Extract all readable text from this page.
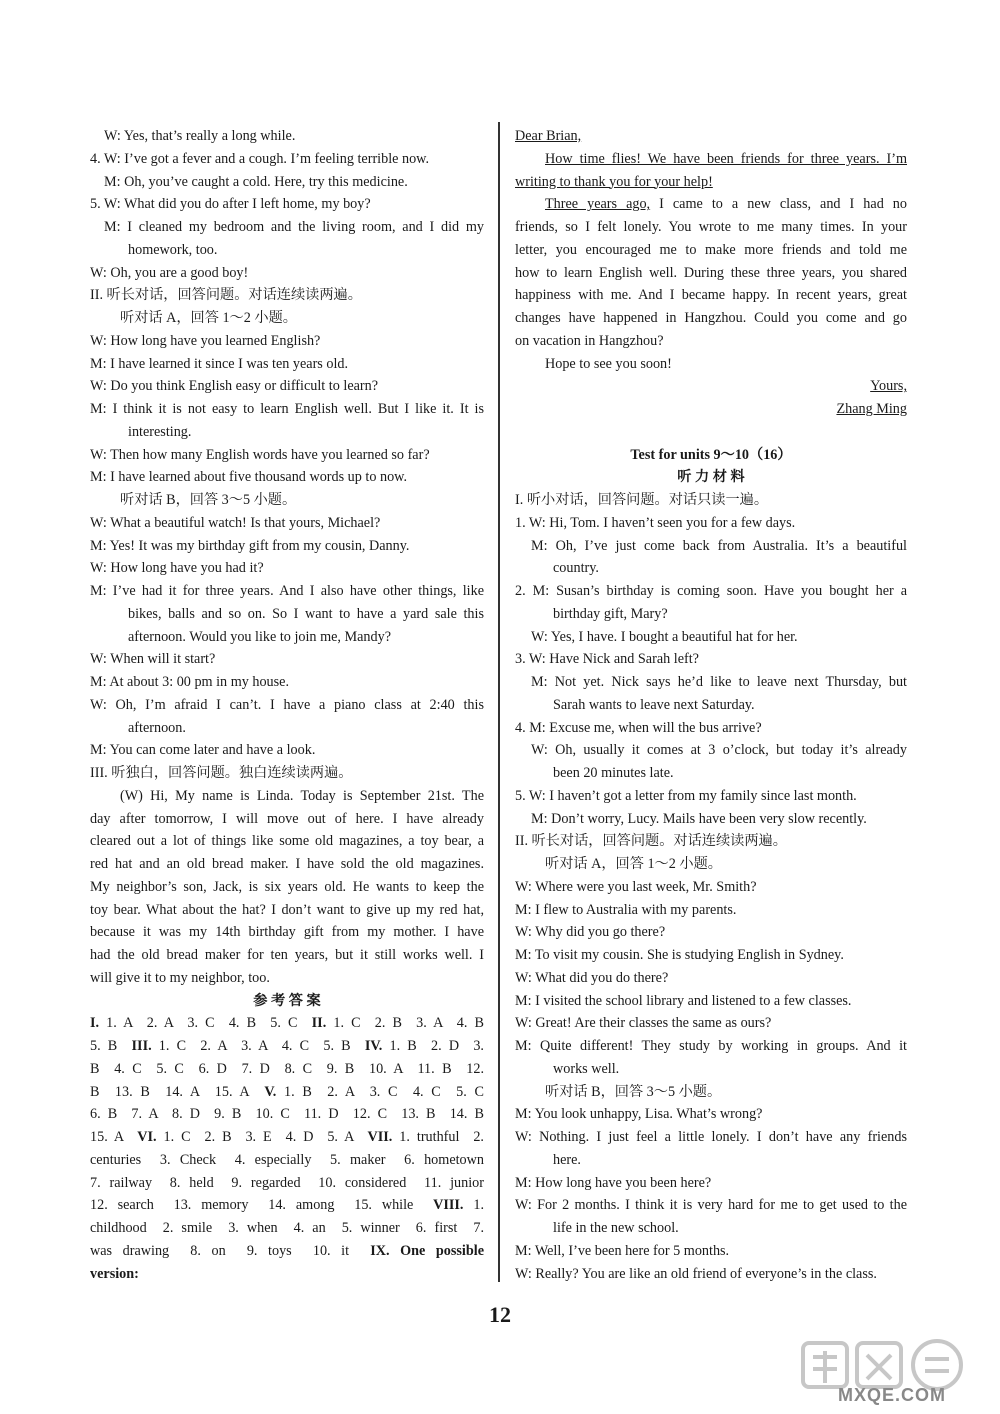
W: Yes, that’s really a long while.
4. W: I’ve got a fever and a cough. I’m feeling terrible now.
M: Oh, you’ve caught a cold. Here, try this medicine.
5. W: What did you do after I left home, my boy?
M: I cleaned my bedroom and the living room, and I did my
homework, too.
W: Oh, you are a good boy!
II. 听长对话，回答问题。对话连续读两遍。
听对话 A，回答 1～2 小题。
W: How long have you learned English?
M: I have learned it since I was ten years old.
W: Do you think English easy or difficult to learn?
M: I think it is not easy to learn English well. But I like it. It is
interesting.
W: Then how many English words have you learned so far?
M: I have learned about five thousand words up to now.
听对话 B，回答 3～5 小题。
W: What a beautiful watch! Is that yours, Michael?
M: Yes! It was my birthday gift from my cousin, Danny.
W: How long have you had it?
M: I’ve had it for three years. And I also have other things, like
bikes, balls and so on. So I want to have a yard sale this
afternoon. Would you like to join me, Mandy?
W: When will it start?
M: At about 3: 00 pm in my house.
W: Oh, I’m afraid I can’t. I have a piano class at 2:40 this
afternoon.
M: You can come later and have a look.
III. 听独白，回答问题。独白连续读两遍。
(W) Hi, My name is Linda. Today is September 21st. The
day after tomorrow, I will move out of here. I have already
cleared out a lot of things like some old magazines, a toy bear, a
red hat and an old bread maker. I have sold the old magazines.
My neighbor’s son, Jack, is six years old. He wants to keep the
toy bear. What about the hat? I don’t want to give up my red hat,
because it was my 14th birthday gift from my mother. I have
had the old bread maker for ten years, but it still works well. I
will give it to my neighbor, too.
参 考 答 案
I. 1. A  2. A  3. C  4. B  5. C  II. 1. C  2. B  3. A  4. B
5. B  III. 1. C  2. A  3. A  4. C  5. B  IV. 1. B  2. D  3.
B  4. C  5. C  6. D  7. D  8. C  9. B  10. A  11. B  12.
B  13. B  14. A  15. A  V. 1. B  2. A  3. C  4. C  5. C
6. B  7. A  8. D  9. B  10. C  11. D  12. C  13. B  14. B
15. A  VI. 1. C  2. B  3. E  4. D  5. A  VII. 1. truthful  2.
centuries  3. Check  4. especially  5. maker  6. hometown
7. railway  8. held  9. regarded  10. considered  11. junior
12. search  13. memory  14. among  15. while  VIII. 1.
childhood  2. smile  3. when  4. an  5. winner  6. first  7.
was drawing  8. on  9. toys  10. it  IX. One possible
version:
Dear Brian,
How time flies! We have been friends for three years. I’m
writing to thank you for your help!
Three years ago, I came to a new class, and I had no
friends, so I felt lonely. You wrote to me many times. In your
letter, you encouraged me to make more friends and told me
how to learn English well. During these three years, you shared
happiness with me. And I became happy. In recent years, great
changes have happened in Hangzhou. Could you come and go
on vacation in Hangzhou?
Hope to see you soon!
Yours,
Zhang Ming
Test for units 9～10（16）
听 力 材 料
I. 听小对话，回答问题。对话只读一遍。
1. W: Hi, Tom. I haven’t seen you for a few days.
M: Oh, I’ve just come back from Australia. It’s a beautiful
country.
2. M: Susan’s birthday is coming soon. Have you bought her a
birthday gift, Mary?
W: Yes, I have. I bought a beautiful hat for her.
3. W: Have Nick and Sarah left?
M: Not yet. Nick says he’d like to leave next Thursday, but
Sarah wants to leave next Saturday.
4. M: Excuse me, when will the bus arrive?
W: Oh, usually it comes at 3 o’clock, but today it’s already
been 20 minutes late.
5. W: I haven’t got a letter from my family since last month.
M: Don’t worry, Lucy. Mails have been very slow recently.
II. 听长对话，回答问题。对话连续读两遍。
听对话 A，回答 1～2 小题。
W: Where were you last week, Mr. Smith?
M: I flew to Australia with my parents.
W: Why did you go there?
M: To visit my cousin. She is studying English in Sydney.
W: What did you do there?
M: I visited the school library and listened to a few classes.
W: Great! Are their classes the same as ours?
M: Quite different! They study by working in groups. And it
works well.
听对话 B，回答 3～5 小题。
M: You look unhappy, Lisa. What’s wrong?
W: Nothing. I just feel a little lonely. I don’t have any friends
here.
M: How long have you been here?
W: For 2 months. I think it is very hard for me to get used to the
life in the new school.
M: Well, I’ve been here for 5 months.
W: Really? You are like an old friend of everyone’s in the class.
12
MXQE.COM
